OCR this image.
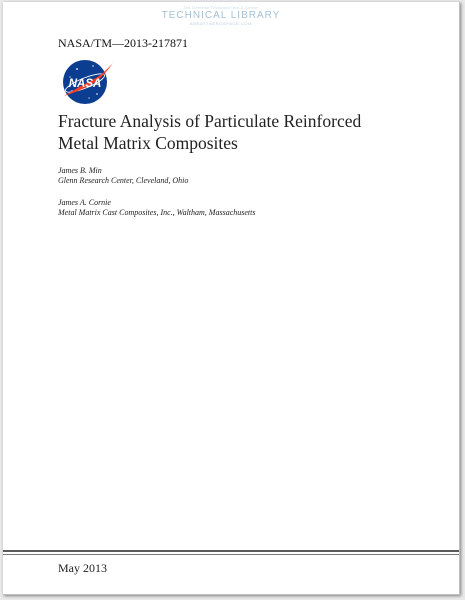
The Defense Technical Info & Center
TECHNICAL LIBRARY
ABBOTTAEROSPACE.COM
NASA/TM—2013-217871
NASA
Fracture Analysis of Particulate Reinforced
Metal Matrix Composites
James B. Min
Glenn Research Center, Cleveland, Ohio
James A. Cornie
Metal Matrix Cast Composites, Inc., Waltham, Massachusetts
May 2013
